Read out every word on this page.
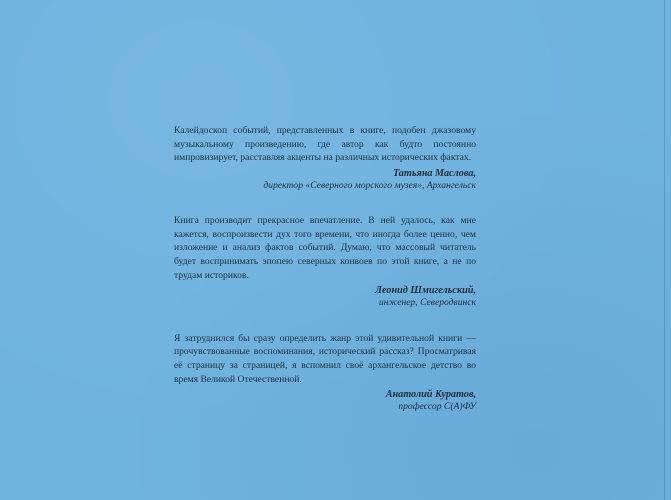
Калейдоскоп событий, представленных в книге, подобен джазовому музыкальному произведению, где автор как будто постоянно импровизирует, расставляя акценты на различных исторических фактах.

Татьяна Маслова,
директор «Северного морского музея», Архангельск

Книга производит прекрасное впечатление. В ней удалось, как мне кажется, воспроизвести дух того времени, что иногда более ценно, чем изложение и анализ фактов событий. Думаю, что массовый читатель будет воспринимать эпопею северных конвоев по этой книге, а не по трудам историков.

Леонид Шмигельский,
инженер, Северодвинск

Я затруднился бы сразу определить жанр этой удивительной книги — прочувствованные воспоминания, исторический рассказ? Просматривая её страницу за страницей, я вспомнил своё архангельское детство во время Великой Отечественной.

Анатолий Куратов,
профессор С(А)ФУ
